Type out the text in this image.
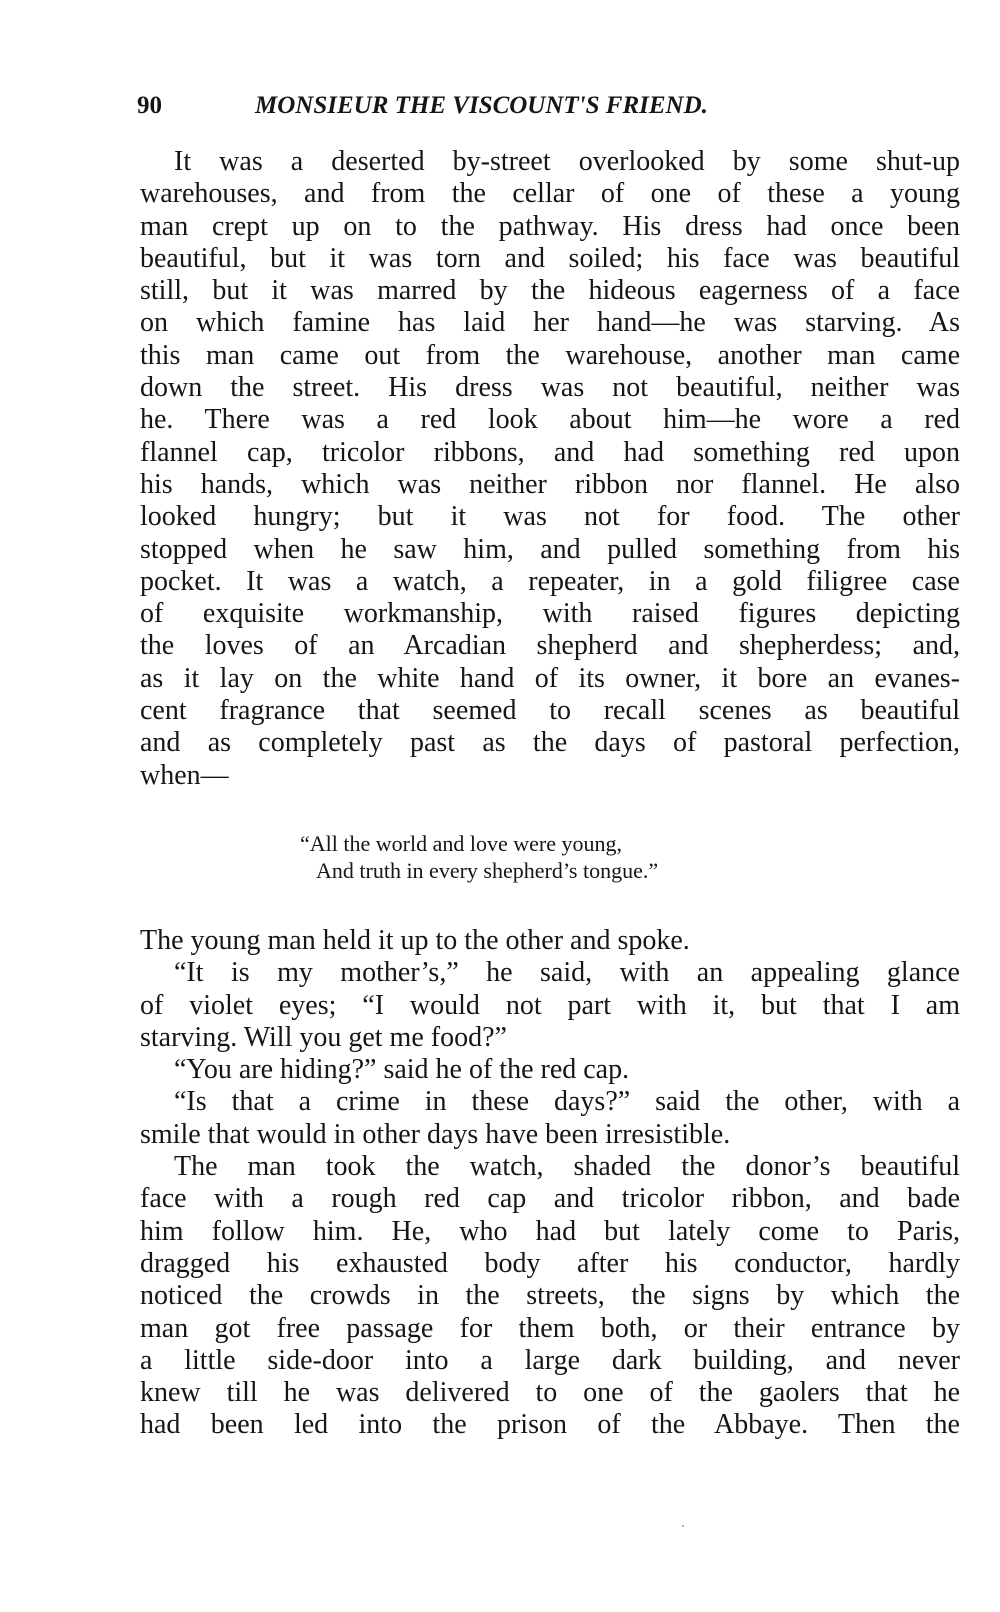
90	MONSIEUR THE VISCOUNT'S FRIEND.
It was a deserted by-street overlooked by some shut-up
warehouses, and from the cellar of one of these a young
man crept up on to the pathway. His dress had once been
beautiful, but it was torn and soiled; his face was beautiful
still, but it was marred by the hideous eagerness of a face
on which famine has laid her hand—he was starving. As
this man came out from the warehouse, another man came
down the street. His dress was not beautiful, neither was
he. There was a red look about him—he wore a red
flannel cap, tricolor ribbons, and had something red upon
his hands, which was neither ribbon nor flannel. He also
looked hungry; but it was not for food. The other
stopped when he saw him, and pulled something from his
pocket. It was a watch, a repeater, in a gold filigree case
of exquisite workmanship, with raised figures depicting
the loves of an Arcadian shepherd and shepherdess; and,
as it lay on the white hand of its owner, it bore an evanes-
cent fragrance that seemed to recall scenes as beautiful
and as completely past as the days of pastoral perfection,
when—
“All the world and love were young,
And truth in every shepherd’s tongue.”
The young man held it up to the other and spoke.
“It is my mother’s,” he said, with an appealing glance
of violet eyes; “I would not part with it, but that I am
starving. Will you get me food?”
“You are hiding?” said he of the red cap.
“Is that a crime in these days?” said the other, with a
smile that would in other days have been irresistible.
The man took the watch, shaded the donor’s beautiful
face with a rough red cap and tricolor ribbon, and bade
him follow him. He, who had but lately come to Paris,
dragged his exhausted body after his conductor, hardly
noticed the crowds in the streets, the signs by which the
man got free passage for them both, or their entrance by
a little side-door into a large dark building, and never
knew till he was delivered to one of the gaolers that he
had been led into the prison of the Abbaye. Then the
